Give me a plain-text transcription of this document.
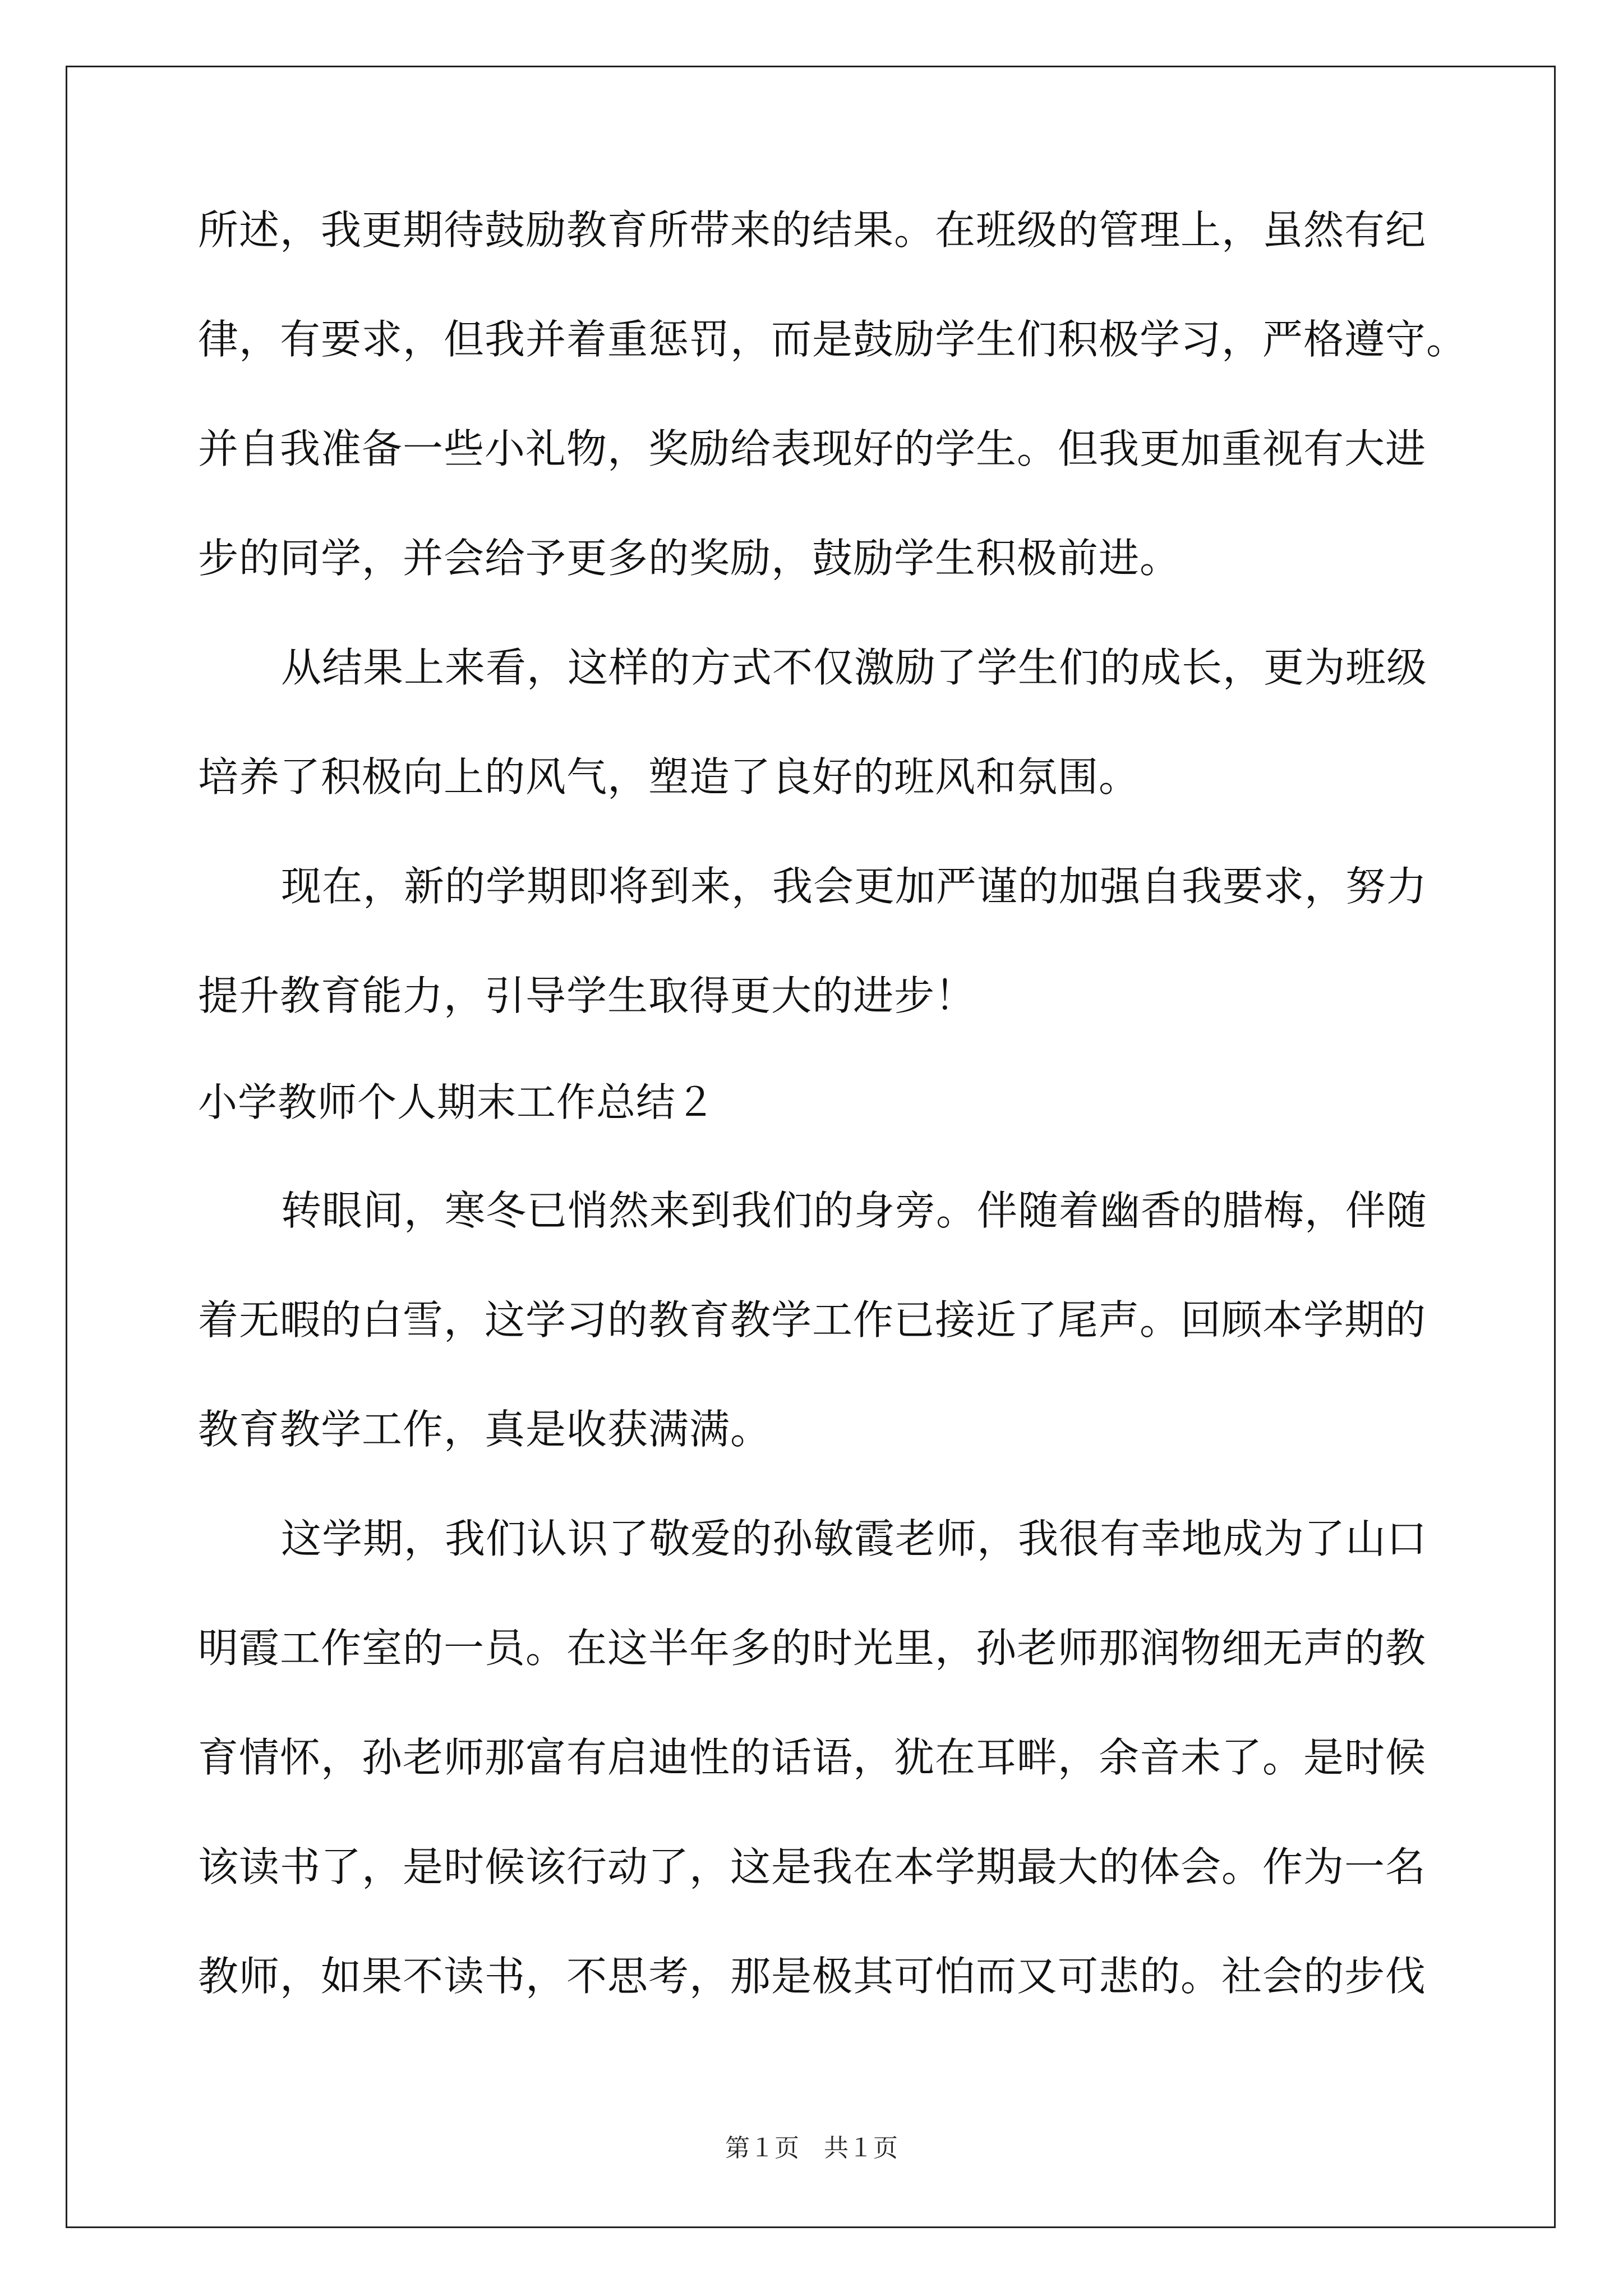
所述，我更期待鼓励教育所带来的结果。在班级的管理上，虽然有纪
律，有要求，但我并着重惩罚，而是鼓励学生们积极学习，严格遵守。
并自我准备一些小礼物，奖励给表现好的学生。但我更加重视有大进
步的同学，并会给予更多的奖励，鼓励学生积极前进。
从结果上来看，这样的方式不仅激励了学生们的成长，更为班级
培养了积极向上的风气，塑造了良好的班风和氛围。
现在，新的学期即将到来，我会更加严谨的加强自我要求，努力
提升教育能力，引导学生取得更大的进步！
小学教师个人期末工作总结２
转眼间，寒冬已悄然来到我们的身旁。伴随着幽香的腊梅，伴随
着无暇的白雪，这学习的教育教学工作已接近了尾声。回顾本学期的
教育教学工作，真是收获满满。
这学期，我们认识了敬爱的孙敏霞老师，我很有幸地成为了山口
明霞工作室的一员。在这半年多的时光里，孙老师那润物细无声的教
育情怀，孙老师那富有启迪性的话语，犹在耳畔，余音未了。是时候
该读书了，是时候该行动了，这是我在本学期最大的体会。作为一名
教师，如果不读书，不思考，那是极其可怕而又可悲的。社会的步伐
第１页　共１页
